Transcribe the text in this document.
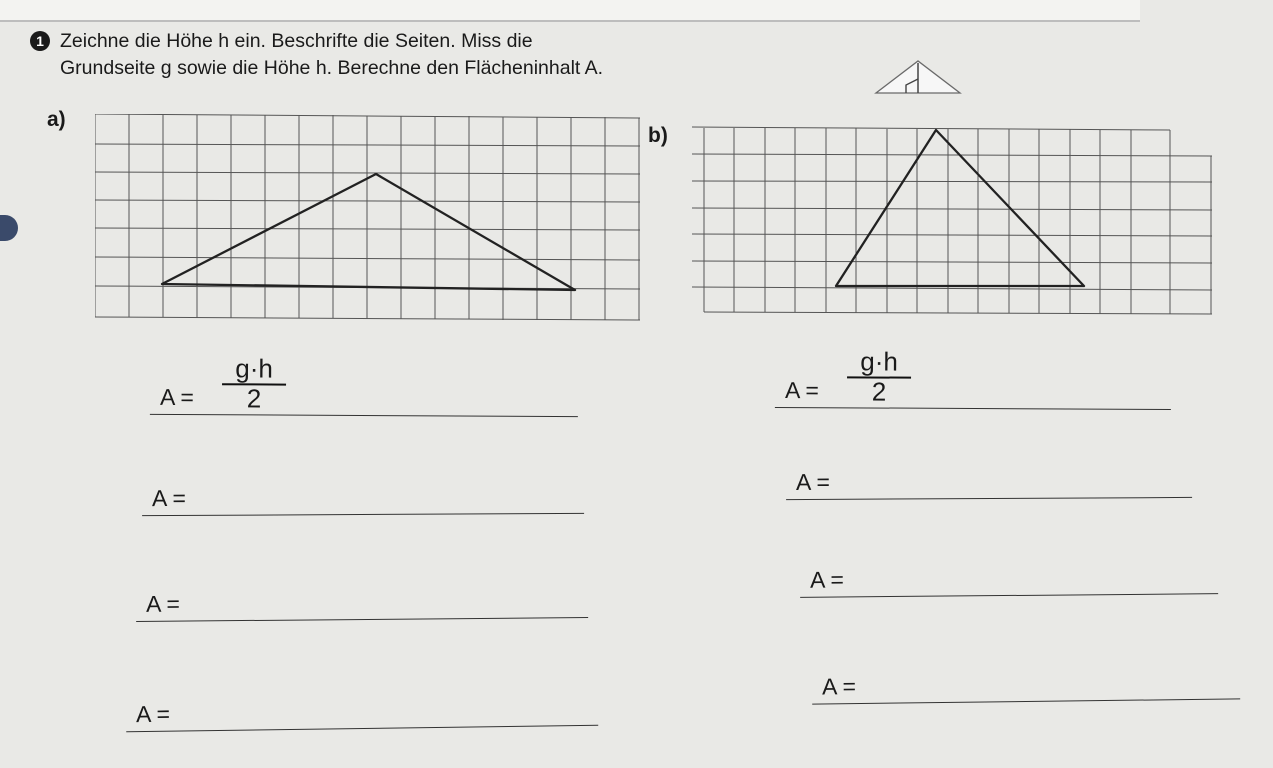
1 Zeichne die Höhe h ein. Beschrifte die Seiten. Miss die
Grundseite g sowie die Höhe h. Berechne den Flächeninhalt A.

a)

b)

$A = \frac{g\cdot h}{2}$
A =
A =
A =
$A = \frac{g\cdot h}{2}$
A =
A =
A =
